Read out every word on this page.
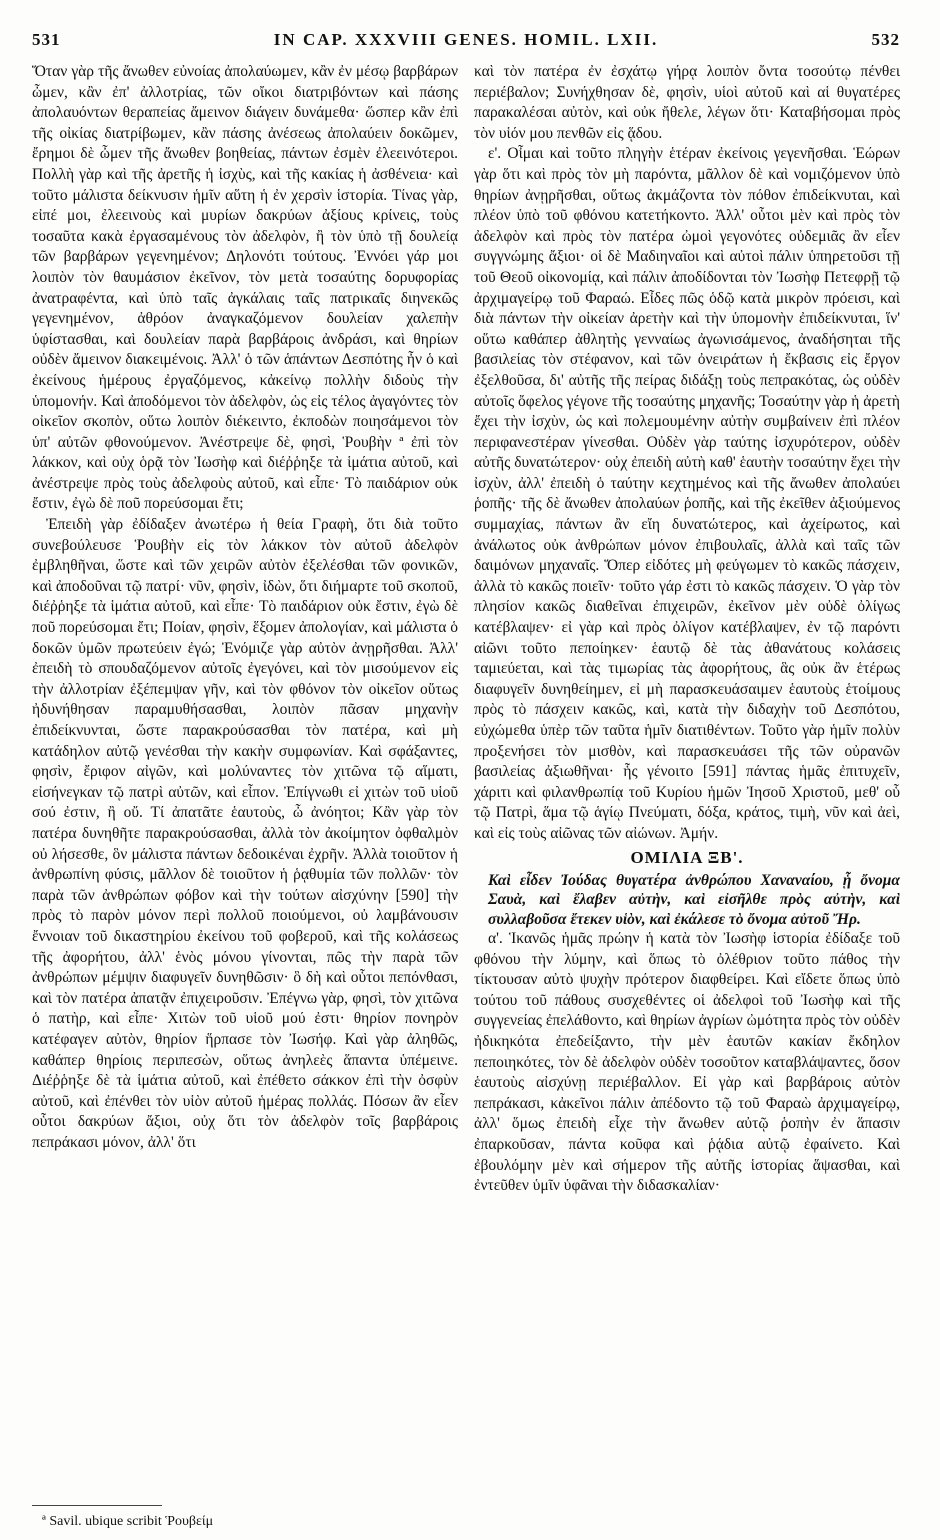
531	IN CAP. XXXVIII GENES. HOMIL. LXII.	532

Ὅταν γὰρ τῆς ἄνωθεν εὐνοίας ἀπολαύωμεν, κἂν ἐν μέσῳ βαρβάρων ὦμεν, κἂν ἐπ' ἀλλοτρίας, τῶν οἴκοι διατριβόντων καὶ πάσης ἀπολαυόντων θεραπείας ἄμεινον διάγειν δυνάμεθα· ὥσπερ κἂν ἐπὶ τῆς οἰκίας διατρίβωμεν, κἂν πάσης ἀνέσεως ἀπολαύειν δοκῶμεν, ἔρημοι δὲ ὦμεν τῆς ἄνωθεν βοηθείας, πάντων ἐσμὲν ἐλεεινότεροι. Πολλὴ γὰρ καὶ τῆς ἀρετῆς ἡ ἰσχὺς, καὶ τῆς κακίας ἡ ἀσθένεια· καὶ τοῦτο μάλιστα δείκνυσιν ἡμῖν αὕτη ἡ ἐν χερσὶν ἱστορία. Τίνας γὰρ, εἰπέ μοι, ἐλεεινοὺς καὶ μυρίων δακρύων ἀξίους κρίνεις, τοὺς τοσαῦτα κακὰ ἐργασαμένους τὸν ἀδελφὸν, ἢ τὸν ὑπὸ τῇ δουλείᾳ τῶν βαρβάρων γεγενημένον; Δηλονότι τούτους. Ἐννόει γάρ μοι λοιπὸν τὸν θαυμάσιον ἐκεῖνον, τὸν μετὰ τοσαύτης δορυφορίας ἀνατραφέντα, καὶ ὑπὸ ταῖς ἀγκάλαις ταῖς πατρικαῖς διηνεκῶς γεγενημένον, ἀθρόον ἀναγκαζόμενον δουλείαν χαλεπὴν ὑφίστασθαι, καὶ δουλείαν παρὰ βαρβάροις ἀνδράσι, καὶ θηρίων οὐδὲν ἄμεινον διακειμένοις. Ἀλλ' ὁ τῶν ἁπάντων Δεσπότης ἦν ὁ καὶ ἐκείνους ἡμέρους ἐργαζόμενος, κἀκείνῳ πολλὴν διδοὺς τὴν ὑπομονήν. Καὶ ἀποδόμενοι τὸν ἀδελφὸν, ὡς εἰς τέλος ἀγαγόντες τὸν οἰκεῖον σκοπὸν, οὕτω λοιπὸν διέκειντο, ἐκποδὼν ποιησάμενοι τὸν ὑπ' αὐτῶν φθονούμενον. Ἀνέστρεψε δὲ, φησὶ, Ῥουβὴν ª ἐπὶ τὸν λάκκον, καὶ οὐχ ὁρᾷ τὸν Ἰωσὴφ καὶ διέῤῥηξε τὰ ἱμάτια αὐτοῦ, καὶ ἀνέστρεψε πρὸς τοὺς ἀδελφοὺς αὐτοῦ, καὶ εἶπε· Τὸ παιδάριον οὐκ ἔστιν, ἐγὼ δὲ ποῦ πορεύσομαι ἔτι;

Ἐπειδὴ γὰρ ἐδίδαξεν ἀνωτέρω ἡ θεία Γραφὴ, ὅτι διὰ τοῦτο συνεβούλευσε Ῥουβὴν εἰς τὸν λάκκον τὸν αὐτοῦ ἀδελφὸν ἐμβληθῆναι, ὥστε καὶ τῶν χειρῶν αὐτὸν ἐξελέσθαι τῶν φονικῶν, καὶ ἀποδοῦναι τῷ πατρί· νῦν, φησὶν, ἰδὼν, ὅτι διήμαρτε τοῦ σκοποῦ, διέῤῥηξε τὰ ἱμάτια αὐτοῦ, καὶ εἶπε· Τὸ παιδάριον οὐκ ἔστιν, ἐγὼ δὲ ποῦ πορεύσομαι ἔτι; Ποίαν, φησὶν, ἕξομεν ἀπολογίαν, καὶ μάλιστα ὁ δοκῶν ὑμῶν πρωτεύειν ἐγώ; Ἐνόμιζε γὰρ αὐτὸν ἀνῃρῆσθαι. Ἀλλ' ἐπειδὴ τὸ σπουδαζόμενον αὐτοῖς ἐγεγόνει, καὶ τὸν μισούμενον εἰς τὴν ἀλλοτρίαν ἐξέπεμψαν γῆν, καὶ τὸν φθόνον τὸν οἰκεῖον οὕτως ἠδυνήθησαν παραμυθήσασθαι, λοιπὸν πᾶσαν μηχανὴν ἐπιδείκνυνται, ὥστε παρακρούσασθαι τὸν πατέρα, καὶ μὴ κατάδηλον αὐτῷ γενέσθαι τὴν κακὴν συμφωνίαν. Καὶ σφάξαντες, φησὶν, ἔριφον αἰγῶν, καὶ μολύναντες τὸν χιτῶνα τῷ αἵματι, εἰσήνεγκαν τῷ πατρὶ αὐτῶν, καὶ εἶπον. Ἐπίγνωθι εἰ χιτὼν τοῦ υἱοῦ σού ἐστιν, ἢ οὔ. Τί ἀπατᾶτε ἑαυτοὺς, ὦ ἀνόητοι; Κἂν γὰρ τὸν πατέρα δυνηθῆτε παρακρούσασθαι, ἀλλὰ τὸν ἀκοίμητον ὀφθαλμὸν οὐ λήσεσθε, ὃν μάλιστα πάντων δεδοικέναι ἐχρῆν. Ἀλλὰ τοιοῦτον ἡ ἀνθρωπίνη φύσις, μᾶλλον δὲ τοιοῦτον ἡ ῥᾳθυμία τῶν πολλῶν· τὸν παρὰ τῶν ἀνθρώπων φόβον καὶ τὴν τούτων αἰσχύνην [590] τὴν πρὸς τὸ παρὸν μόνον περὶ πολλοῦ ποιούμενοι, οὐ λαμβάνουσιν ἔννοιαν τοῦ δικαστηρίου ἐκείνου τοῦ φοβεροῦ, καὶ τῆς κολάσεως τῆς ἀφορήτου, ἀλλ' ἑνὸς μόνου γίνονται, πῶς τὴν παρὰ τῶν ἀνθρώπων μέμψιν διαφυγεῖν δυνηθῶσιν· ὃ δὴ καὶ οὗτοι πεπόνθασι, καὶ τὸν πατέρα ἀπατᾷν ἐπιχειροῦσιν. Ἐπέγνω γὰρ, φησὶ, τὸν χιτῶνα ὁ πατὴρ, καὶ εἶπε· Χιτὼν τοῦ υἱοῦ μού ἐστι· θηρίον πονηρὸν κατέφαγεν αὐτὸν, θηρίον ἥρπασε τὸν Ἰωσήφ. Καὶ γὰρ ἀληθῶς, καθάπερ θηρίοις περιπεσὼν, οὕτως ἀνηλεὲς ἅπαντα ὑπέμεινε. Διέῤῥηξε δὲ τὰ ἱμάτια αὐτοῦ, καὶ ἐπέθετο σάκκον ἐπὶ τὴν ὀσφὺν αὐτοῦ, καὶ ἐπένθει τὸν υἱὸν αὐτοῦ ἡμέρας πολλάς. Πόσων ἂν εἶεν οὗτοι δακρύων ἄξιοι, οὐχ ὅτι τὸν ἀδελφὸν τοῖς βαρβάροις πεπράκασι μόνον, ἀλλ' ὅτι

καὶ τὸν πατέρα ἐν ἐσχάτῳ γήρᾳ λοιπὸν ὄντα τοσούτῳ πένθει περιέβαλον; Συνήχθησαν δὲ, φησὶν, υἱοὶ αὐτοῦ καὶ αἱ θυγατέρες παρακαλέσαι αὐτὸν, καὶ οὐκ ἤθελε, λέγων ὅτι· Καταβήσομαι πρὸς τὸν υἱόν μου πενθῶν εἰς ᾅδου.

ε'. Οἶμαι καὶ τοῦτο πληγὴν ἑτέραν ἐκείνοις γεγενῆσθαι. Ἑώρων γὰρ ὅτι καὶ πρὸς τὸν μὴ παρόντα, μᾶλλον δὲ καὶ νομιζόμενον ὑπὸ θηρίων ἀνῃρῆσθαι, οὕτως ἀκμάζοντα τὸν πόθον ἐπιδείκνυται, καὶ πλέον ὑπὸ τοῦ φθόνου κατετήκοντο. Ἀλλ' οὗτοι μὲν καὶ πρὸς τὸν ἀδελφὸν καὶ πρὸς τὸν πατέρα ὠμοὶ γεγονότες οὐδεμιᾶς ἂν εἶεν συγγνώμης ἄξιοι· οἱ δὲ Μαδιηναῖοι καὶ αὐτοὶ πάλιν ὑπηρετοῦσι τῇ τοῦ Θεοῦ οἰκονομίᾳ, καὶ πάλιν ἀποδίδονται τὸν Ἰωσὴφ Πετεφρῇ τῷ ἀρχιμαγείρῳ τοῦ Φαραώ. Εἶδες πῶς ὁδῷ κατὰ μικρὸν πρόεισι, καὶ διὰ πάντων τὴν οἰκείαν ἀρετὴν καὶ τὴν ὑπομονὴν ἐπιδείκνυται, ἵν' οὕτω καθάπερ ἀθλητὴς γενναίως ἀγωνισάμενος, ἀναδήσηται τῆς βασιλείας τὸν στέφανον, καὶ τῶν ὀνειράτων ἡ ἔκβασις εἰς ἔργον ἐξελθοῦσα, δι' αὐτῆς τῆς πείρας διδάξῃ τοὺς πεπρακότας, ὡς οὐδὲν αὐτοῖς ὄφελος γέγονε τῆς τοσαύτης μηχανῆς; Τοσαύτην γὰρ ἡ ἀρετὴ ἔχει τὴν ἰσχὺν, ὡς καὶ πολεμουμένην αὐτὴν συμβαίνειν ἐπὶ πλέον περιφανεστέραν γίνεσθαι. Οὐδὲν γὰρ ταύτης ἰσχυρότερον, οὐδὲν αὐτῆς δυνατώτερον· οὐχ ἐπειδὴ αὐτὴ καθ' ἑαυτὴν τοσαύτην ἔχει τὴν ἰσχὺν, ἀλλ' ἐπειδὴ ὁ ταύτην κεχτημένος καὶ τῆς ἄνωθεν ἀπολαύει ῥοπῆς· τῆς δὲ ἄνωθεν ἀπολαύων ῥοπῆς, καὶ τῆς ἐκεῖθεν ἀξιούμενος συμμαχίας, πάντων ἂν εἴη δυνατώτερος, καὶ ἀχείρωτος, καὶ ἀνάλωτος οὐκ ἀνθρώπων μόνον ἐπιβουλαῖς, ἀλλὰ καὶ ταῖς τῶν δαιμόνων μηχαναῖς. Ὅπερ εἰδότες μὴ φεύγωμεν τὸ κακῶς πάσχειν, ἀλλὰ τὸ κακῶς ποιεῖν· τοῦτο γάρ ἐστι τὸ κακῶς πάσχειν. Ὁ γὰρ τὸν πλησίον κακῶς διαθεῖναι ἐπιχειρῶν, ἐκεῖνον μὲν οὐδὲ ὀλίγως κατέβλαψεν· εἰ γὰρ καὶ πρὸς ὀλίγον κατέβλαψεν, ἐν τῷ παρόντι αἰῶνι τοῦτο πεποίηκεν· ἑαυτῷ δὲ τὰς ἀθανάτους κολάσεις ταμιεύεται, καὶ τὰς τιμωρίας τὰς ἀφορήτους, ἃς οὐκ ἂν ἑτέρως διαφυγεῖν δυνηθείημεν, εἰ μὴ παρασκευάσαιμεν ἑαυτοὺς ἑτοίμους πρὸς τὸ πάσχειν κακῶς, καὶ, κατὰ τὴν διδαχὴν τοῦ Δεσπότου, εὐχώμεθα ὑπὲρ τῶν ταῦτα ἡμῖν διατιθέντων. Τοῦτο γὰρ ἡμῖν πολὺν προξενήσει τὸν μισθὸν, καὶ παρασκευάσει τῆς τῶν οὐρανῶν βασιλείας ἀξιωθῆναι· ἧς γένοιτο [591] πάντας ἡμᾶς ἐπιτυχεῖν, χάριτι καὶ φιλανθρωπίᾳ τοῦ Κυρίου ἡμῶν Ἰησοῦ Χριστοῦ, μεθ' οὗ τῷ Πατρὶ, ἅμα τῷ ἁγίῳ Πνεύματι, δόξα, κράτος, τιμὴ, νῦν καὶ ἀεὶ, καὶ εἰς τοὺς αἰῶνας τῶν αἰώνων. Ἀμήν.

ΟΜΙΛΙΑ ΞΒ'.

Καὶ εἶδεν Ἰούδας θυγατέρα ἀνθρώπου Χαναναίου, ᾗ ὄνομα Σαυὰ, καὶ ἔλαβεν αὐτὴν, καὶ εἰσῆλθε πρὸς αὐτὴν, καὶ συλλαβοῦσα ἔτεκεν υἱὸν, καὶ ἐκάλεσε τὸ ὄνομα αὐτοῦ Ἤρ.

α'. Ἱκανῶς ἡμᾶς πρώην ἡ κατὰ τὸν Ἰωσὴφ ἱστορία ἐδίδαξε τοῦ φθόνου τὴν λύμην, καὶ ὅπως τὸ ὀλέθριον τοῦτο πάθος τὴν τίκτουσαν αὐτὸ ψυχὴν πρότερον διαφθείρει. Καὶ εἴδετε ὅπως ὑπὸ τούτου τοῦ πάθους συσχεθέντες οἱ ἀδελφοὶ τοῦ Ἰωσὴφ καὶ τῆς συγγενείας ἐπελάθοντο, καὶ θηρίων ἀγρίων ὠμότητα πρὸς τὸν οὐδὲν ἠδικηκότα ἐπεδείξαντο, τὴν μὲν ἑαυτῶν κακίαν ἔκδηλον πεποιηκότες, τὸν δὲ ἀδελφὸν οὐδὲν τοσοῦτον καταβλάψαντες, ὅσον ἑαυτοὺς αἰσχύνῃ περιέβαλλον. Εἰ γὰρ καὶ βαρβάροις αὐτὸν πεπράκασι, κἀκεῖνοι πάλιν ἀπέδοντο τῷ τοῦ Φαραὼ ἀρχιμαγείρῳ, ἀλλ' ὅμως ἐπειδὴ εἶχε τὴν ἄνωθεν αὐτῷ ῥοπὴν ἐν ἅπασιν ἐπαρκοῦσαν, πάντα κοῦφα καὶ ῥᾴδια αὐτῷ ἐφαίνετο. Καὶ ἐβουλόμην μὲν καὶ σήμερον τῆς αὐτῆς ἱστορίας ἅψασθαι, καὶ ἐντεῦθεν ὑμῖν ὑφᾶναι τὴν διδασκαλίαν·

ª Savil. ubique scribit Ῥουβείμ
